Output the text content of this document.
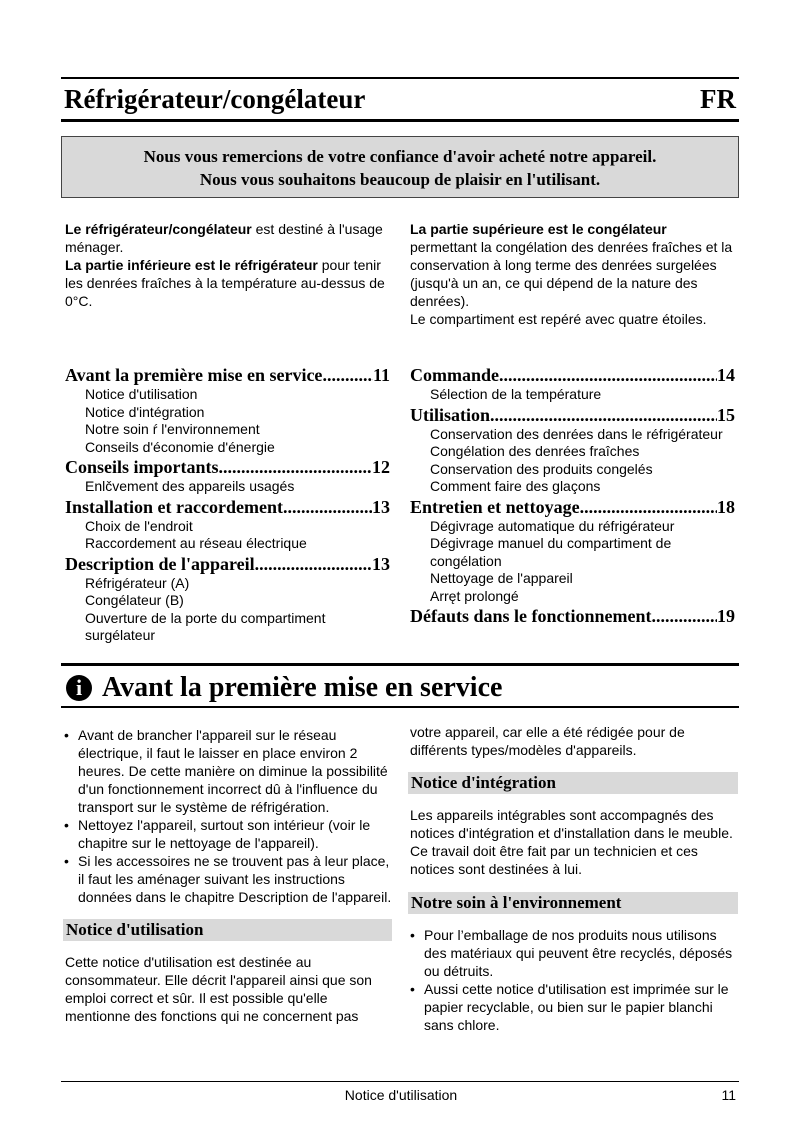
Réfrigérateur/congélateur	FR
Nous vous remercions de votre confiance d'avoir acheté notre appareil.
Nous vous souhaitons beaucoup de plaisir en l'utilisant.

Le réfrigérateur/congélateur est destiné à l'usage ménager.

La partie inférieure est le réfrigérateur pour tenir les denrées fraîches à la température au-dessus de 0°C.

La partie supérieure est le congélateur

permettant la congélation des denrées fraîches et la conservation à long terme des denrées surgelées (jusqu'à un an, ce qui dépend de la nature des denrées).

Le compartiment est repéré avec quatre étoiles.

Avant la première mise en service .....	11
Notice d'utilisation
Notice d'intégration
Notre soin ŕ l'environnement
Conseils d'économie d'énergie
Conseils importants .....	12
Enlčvement des appareils usagés
Installation et raccordement .....	13
Choix de l'endroit
Raccordement au réseau électrique
Description de l'appareil .....	13
Réfrigérateur (A)
Congélateur (B)
Ouverture de la porte du compartiment surgélateur
Commande .....	14
Sélection de la température
Utilisation .....	15
Conservation des denrées dans le réfrigérateur
Congélation des denrées fraîches
Conservation des produits congelés
Comment faire des glaçons
Entretien et nettoyage .....	18
Dégivrage automatique du réfrigérateur
Dégivrage manuel du compartiment de congélation
Nettoyage de l'appareil
Arręt prolongé
Défauts dans le fonctionnement .....	19
i Avant la première mise en service
• Avant de brancher l'appareil sur le réseau électrique, il faut le laisser en place environ 2 heures. De cette manière on diminue la possibilité d'un fonctionnement incorrect dû à l'influence du transport sur le système de réfrigération.
• Nettoyez l'appareil, surtout son intérieur (voir le chapitre sur le nettoyage de l'appareil).
• Si les accessoires ne se trouvent pas à leur place, il faut les aménager suivant les instructions données dans le chapitre Description de l'appareil.
Notice d'utilisation

Cette notice d'utilisation est destinée au consommateur. Elle décrit l'appareil ainsi que son emploi correct et sûr. Il est possible qu'elle mentionne des fonctions qui ne concernent pas

votre appareil, car elle a été rédigée pour de différents types/modèles d'appareils.

Notice d'intégration

Les appareils intégrables sont accompagnés des notices d'intégration et d'installation dans le meuble. Ce travail doit être fait par un technicien et ces notices sont destinées à lui.

Notre soin à l'environnement
• Pour l’emballage de nos produits nous utilisons des matériaux qui peuvent être recyclés, déposés ou détruits.
• Aussi cette notice d'utilisation est imprimée sur le papier recyclable, ou bien sur le papier blanchi sans chlore.
Notice d'utilisation	11
